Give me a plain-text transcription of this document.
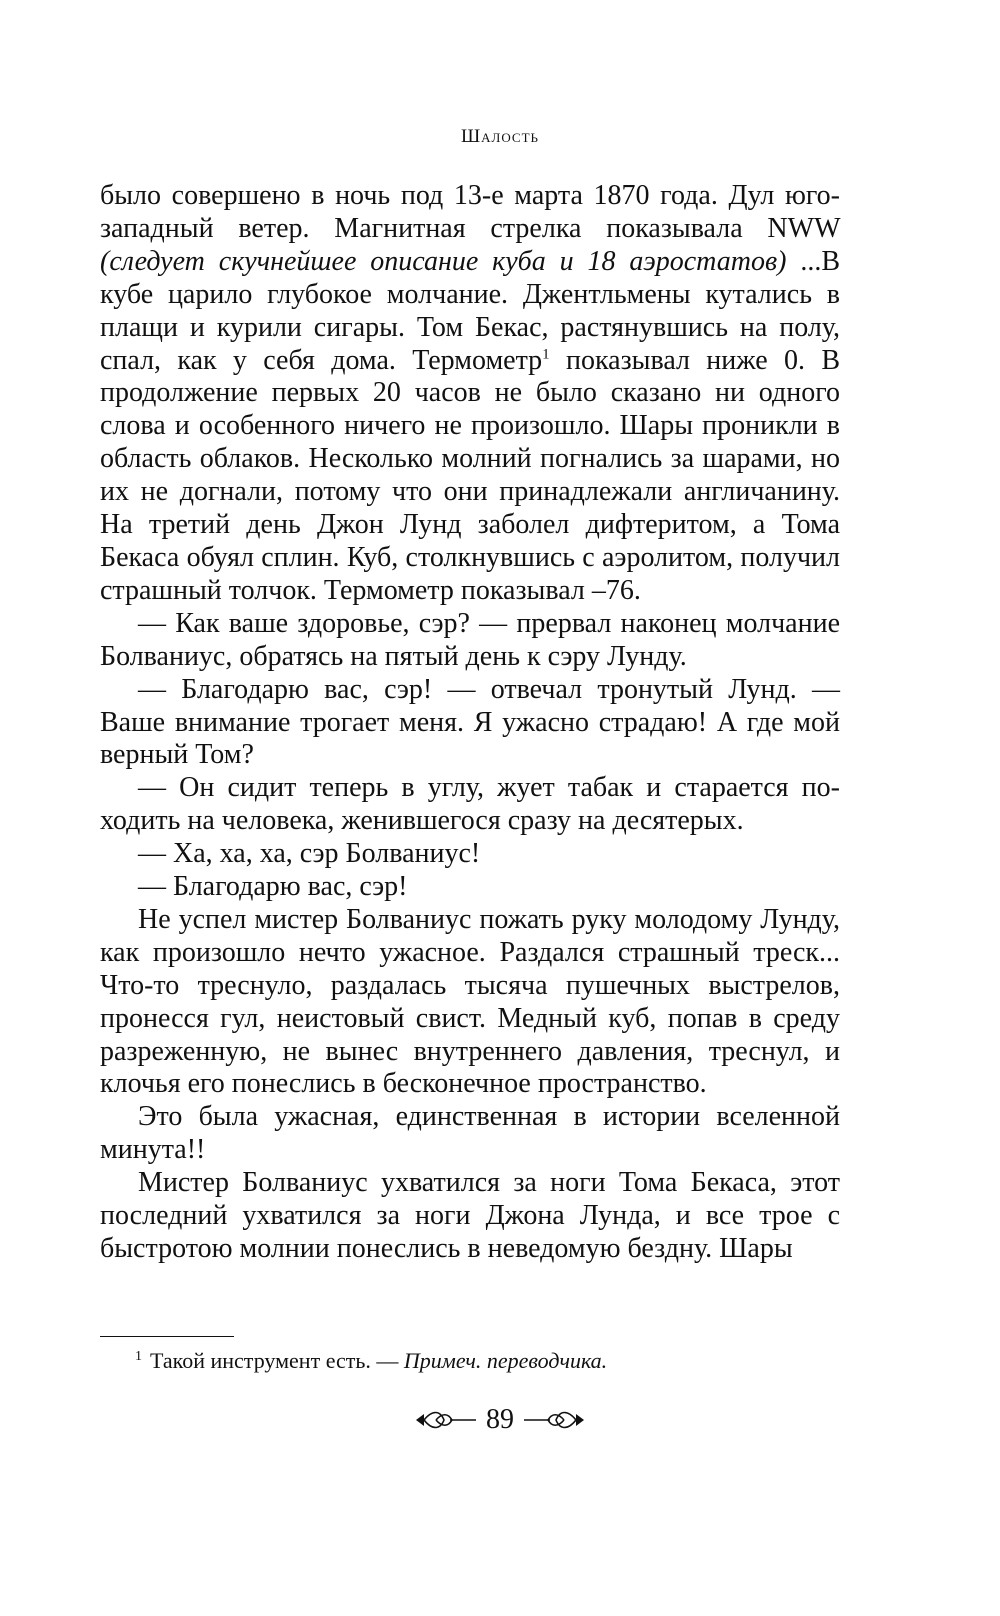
Шалость

было совершено в ночь под 13-е марта 1870 года. Дул юго-западный ветер. Магнитная стрелка показывала NWW (следует скучнейшее описание куба и 18 аэростатов) ...В кубе царило глубокое молчание. Джентльмены кутались в плащи и курили сигары. Том Бекас, растянувшись на полу, спал, как у себя дома. Термометр$^1$ показывал ниже 0. В продолжение первых 20 часов не было сказано ни одного слова и особенного ничего не произошло. Шары проникли в область облаков. Несколько молний погнались за шарами, но их не догнали, потому что они принадлежали англичанину. На третий день Джон Лунд заболел дифтеритом, а Тома Бекаса обуял сплин. Куб, столкнувшись с аэролитом, получил страшный толчок. Термометр показывал –76.

— Как ваше здоровье, сэр? — прервал наконец молчание Болваниус, обратясь на пятый день к сэру Лунду.

— Благодарю вас, сэр! — отвечал тронутый Лунд. — Ваше внимание трогает меня. Я ужасно страдаю! А где мой верный Том?

— Он сидит теперь в углу, жует табак и старается походить на человека, женившегося сразу на десятерых.

— Ха, ха, ха, сэр Болваниус!

— Благодарю вас, сэр!

Не успел мистер Болваниус пожать руку молодому Лунду, как произошло нечто ужасное. Раздался страшный треск... Что-то треснуло, раздалась тысяча пушечных выстрелов, пронесся гул, неистовый свист. Медный куб, попав в среду разреженную, не вынес внутреннего давления, треснул, и клочья его понеслись в бесконечное пространство.

Это была ужасная, единственная в истории вселенной минута!!

Мистер Болваниус ухватился за ноги Тома Бекаса, этот последний ухватился за ноги Джона Лунда, и все трое с быстротою молнии понеслись в неведомую бездну. Шары

$^1$ Такой инструмент есть. — Примеч. переводчика.
89
